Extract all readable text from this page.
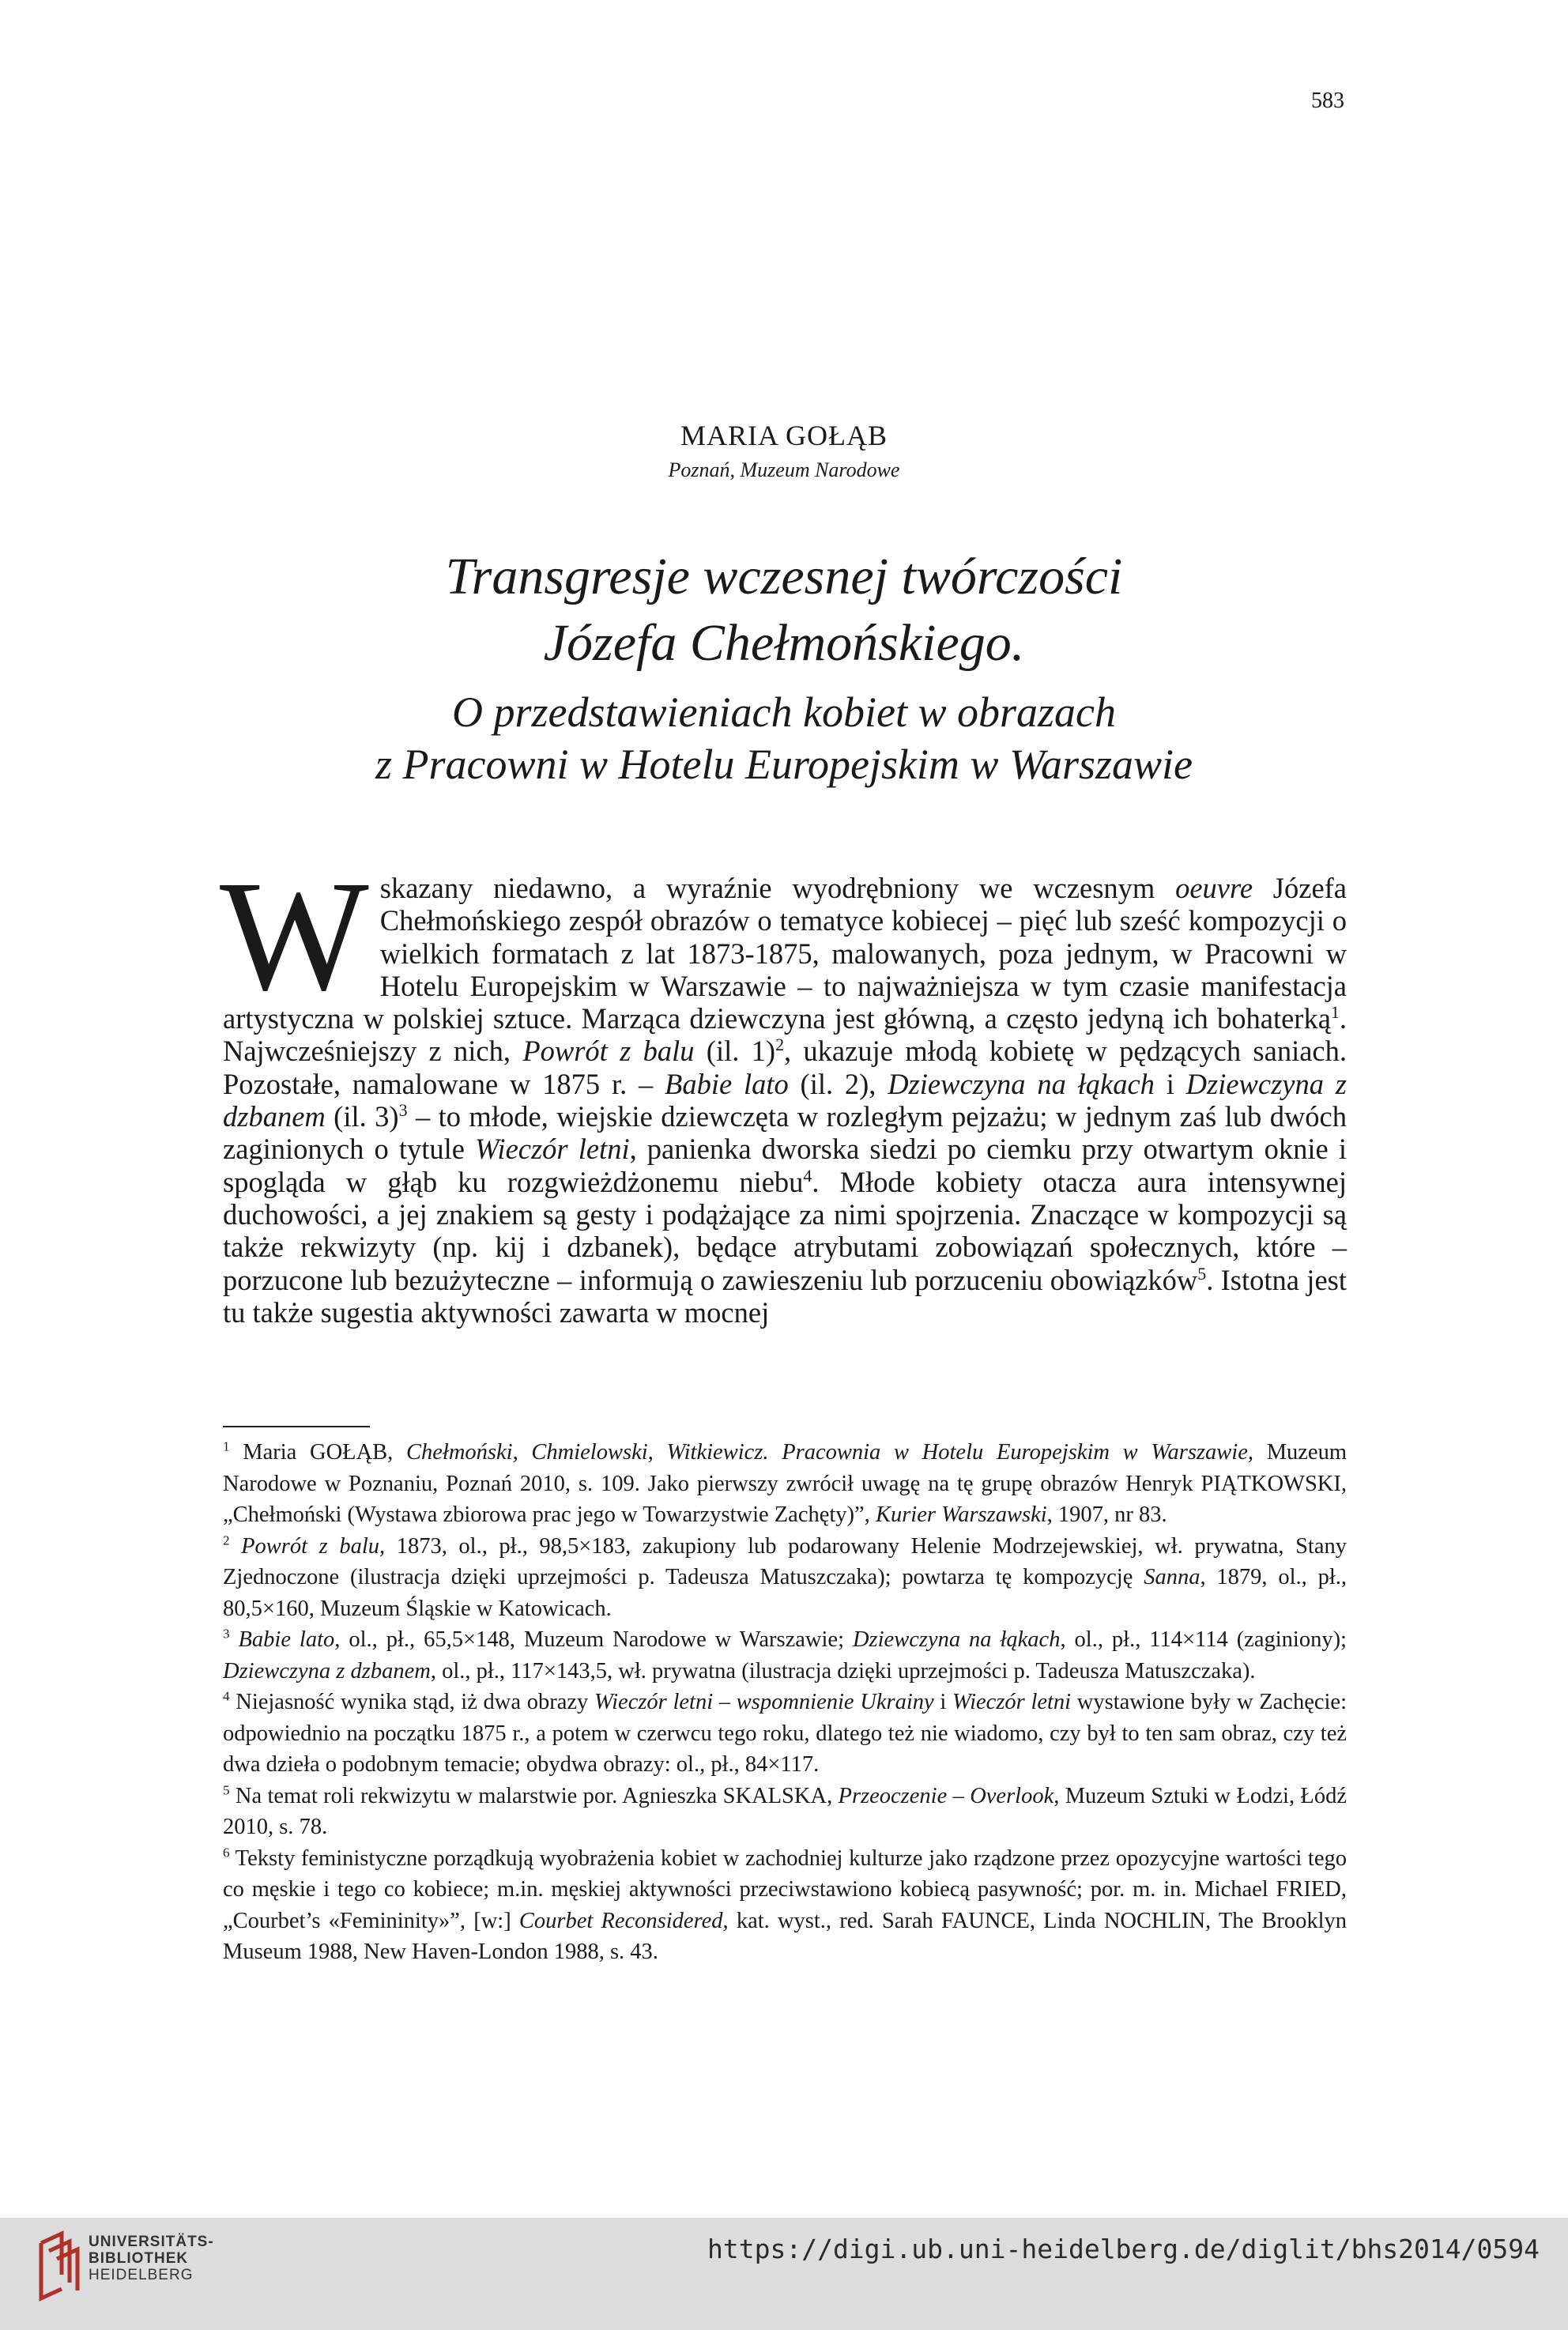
583
MARIA GOŁĄB
Poznań, Muzeum Narodowe
Transgresje wczesnej twórczości
Józefa Chełmońskiego.
O przedstawieniach kobiet w obrazach
z Pracowni w Hotelu Europejskim w Warszawie
Wskazany niedawno, a wyraźnie wyodrębniony we wczesnym oeuvre Józefa Chełmońskiego zespół obrazów o tematyce kobiecej – pięć lub sześć kompozycji o wielkich formatach z lat 1873-1875, malowanych, poza jednym, w Pracowni w Hotelu Europejskim w Warszawie – to najważniejsza w tym czasie manifestacja artystyczna w polskiej sztuce. Marząca dziewczyna jest główną, a często jedyną ich bohaterką$^1$. Najwcześniejszy z nich, Powrót z balu (il. 1)$^2$, ukazuje młodą kobietę w pędzących saniach. Pozostałe, namalowane w 1875 r. – Babie lato (il. 2), Dziewczyna na łąkach i Dziewczyna z dzbanem (il. 3)$^3$ – to młode, wiejskie dziewczęta w rozległym pejzażu; w jednym zaś lub dwóch zaginionych o tytule Wieczór letni, panienka dworska siedzi po ciemku przy otwartym oknie i spogląda w głąb ku rozgwieżdżonemu niebu$^4$. Młode kobiety otacza aura intensywnej duchowości, a jej znakiem są gesty i podążające za nimi spojrzenia. Znaczące w kompozycji są także rekwizyty (np. kij i dzbanek), będące atrybutami zobowiązań społecznych, które – porzucone lub bezużyteczne – informują o zawieszeniu lub porzuceniu obowiązków$^5$. Istotna jest tu także sugestia aktywności zawarta w mocnej

$^1$ Maria GOŁĄB, Chełmoński, Chmielowski, Witkiewicz. Pracownia w Hotelu Europejskim w Warszawie, Muzeum Narodowe w Poznaniu, Poznań 2010, s. 109. Jako pierwszy zwrócił uwagę na tę grupę obrazów Henryk PIĄTKOWSKI, „Chełmoński (Wystawa zbiorowa prac jego w Towarzystwie Zachęty)”, Kurier Warszawski, 1907, nr 83.

$^2$ Powrót z balu, 1873, ol., pł., 98,5×183, zakupiony lub podarowany Helenie Modrzejewskiej, wł. prywatna, Stany Zjednoczone (ilustracja dzięki uprzejmości p. Tadeusza Matuszczaka); powtarza tę kompozycję Sanna, 1879, ol., pł., 80,5×160, Muzeum Śląskie w Katowicach.

$^3$ Babie lato, ol., pł., 65,5×148, Muzeum Narodowe w Warszawie; Dziewczyna na łąkach, ol., pł., 114×114 (zaginiony); Dziewczyna z dzbanem, ol., pł., 117×143,5, wł. prywatna (ilustracja dzięki uprzejmości p. Tadeusza Matuszczaka).

$^4$ Niejasność wynika stąd, iż dwa obrazy Wieczór letni – wspomnienie Ukrainy i Wieczór letni wystawione były w Zachęcie: odpowiednio na początku 1875 r., a potem w czerwcu tego roku, dlatego też nie wiadomo, czy był to ten sam obraz, czy też dwa dzieła o podobnym temacie; obydwa obrazy: ol., pł., 84×117.

$^5$ Na temat roli rekwizytu w malarstwie por. Agnieszka SKALSKA, Przeoczenie – Overlook, Muzeum Sztuki w Łodzi, Łódź 2010, s. 78.

$^6$ Teksty feministyczne porządkują wyobrażenia kobiet w zachodniej kulturze jako rządzone przez opozycyjne wartości tego co męskie i tego co kobiece; m.in. męskiej aktywności przeciwstawiono kobiecą pasywność; por. m. in. Michael FRIED, „Courbet’s «Femininity»”, [w:] Courbet Reconsidered, kat. wyst., red. Sarah FAUNCE, Linda NOCHLIN, The Brooklyn Museum 1988, New Haven-London 1988, s. 43.

UNIVERSITÄTS-
BIBLIOTHEK
HEIDELBERG
https://digi.ub.uni-heidelberg.de/diglit/bhs2014/0594
